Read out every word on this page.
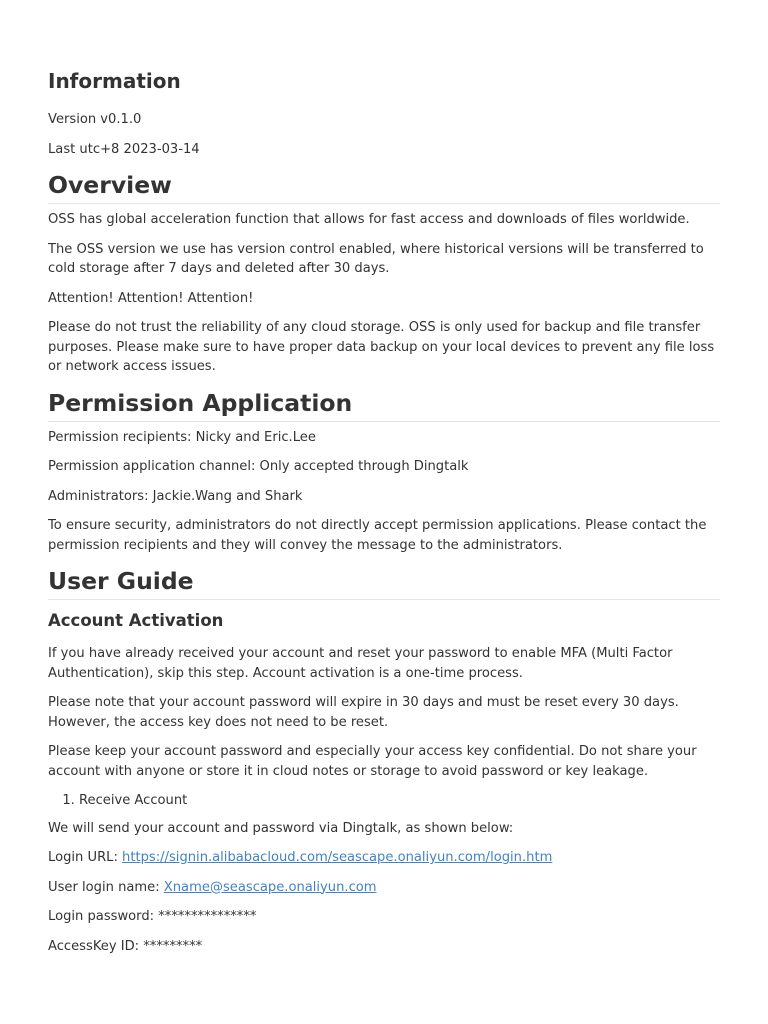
Information

Version v0.1.0

Last utc+8 2023-03-14

Overview

OSS has global acceleration function that allows for fast access and downloads of files worldwide.

The OSS version we use has version control enabled, where historical versions will be transferred to cold storage after 7 days and deleted after 30 days.

Attention! Attention! Attention!

Please do not trust the reliability of any cloud storage. OSS is only used for backup and file transfer purposes. Please make sure to have proper data backup on your local devices to prevent any file loss or network access issues.

Permission Application

Permission recipients: Nicky and Eric.Lee

Permission application channel: Only accepted through Dingtalk

Administrators: Jackie.Wang and Shark

To ensure security, administrators do not directly accept permission applications. Please contact the permission recipients and they will convey the message to the administrators.

User Guide
Account Activation

If you have already received your account and reset your password to enable MFA (Multi Factor Authentication), skip this step. Account activation is a one-time process.

Please note that your account password will expire in 30 days and must be reset every 30 days. However, the access key does not need to be reset.

Please keep your account password and especially your access key confidential. Do not share your account with anyone or store it in cloud notes or storage to avoid password or key leakage.

1. Receive Account

We will send your account and password via Dingtalk, as shown below:

Login URL: https://signin.alibabacloud.com/seascape.onaliyun.com/login.htm

User login name: Xname@seascape.onaliyun.com

Login password: ***************

AccessKey ID: *********
